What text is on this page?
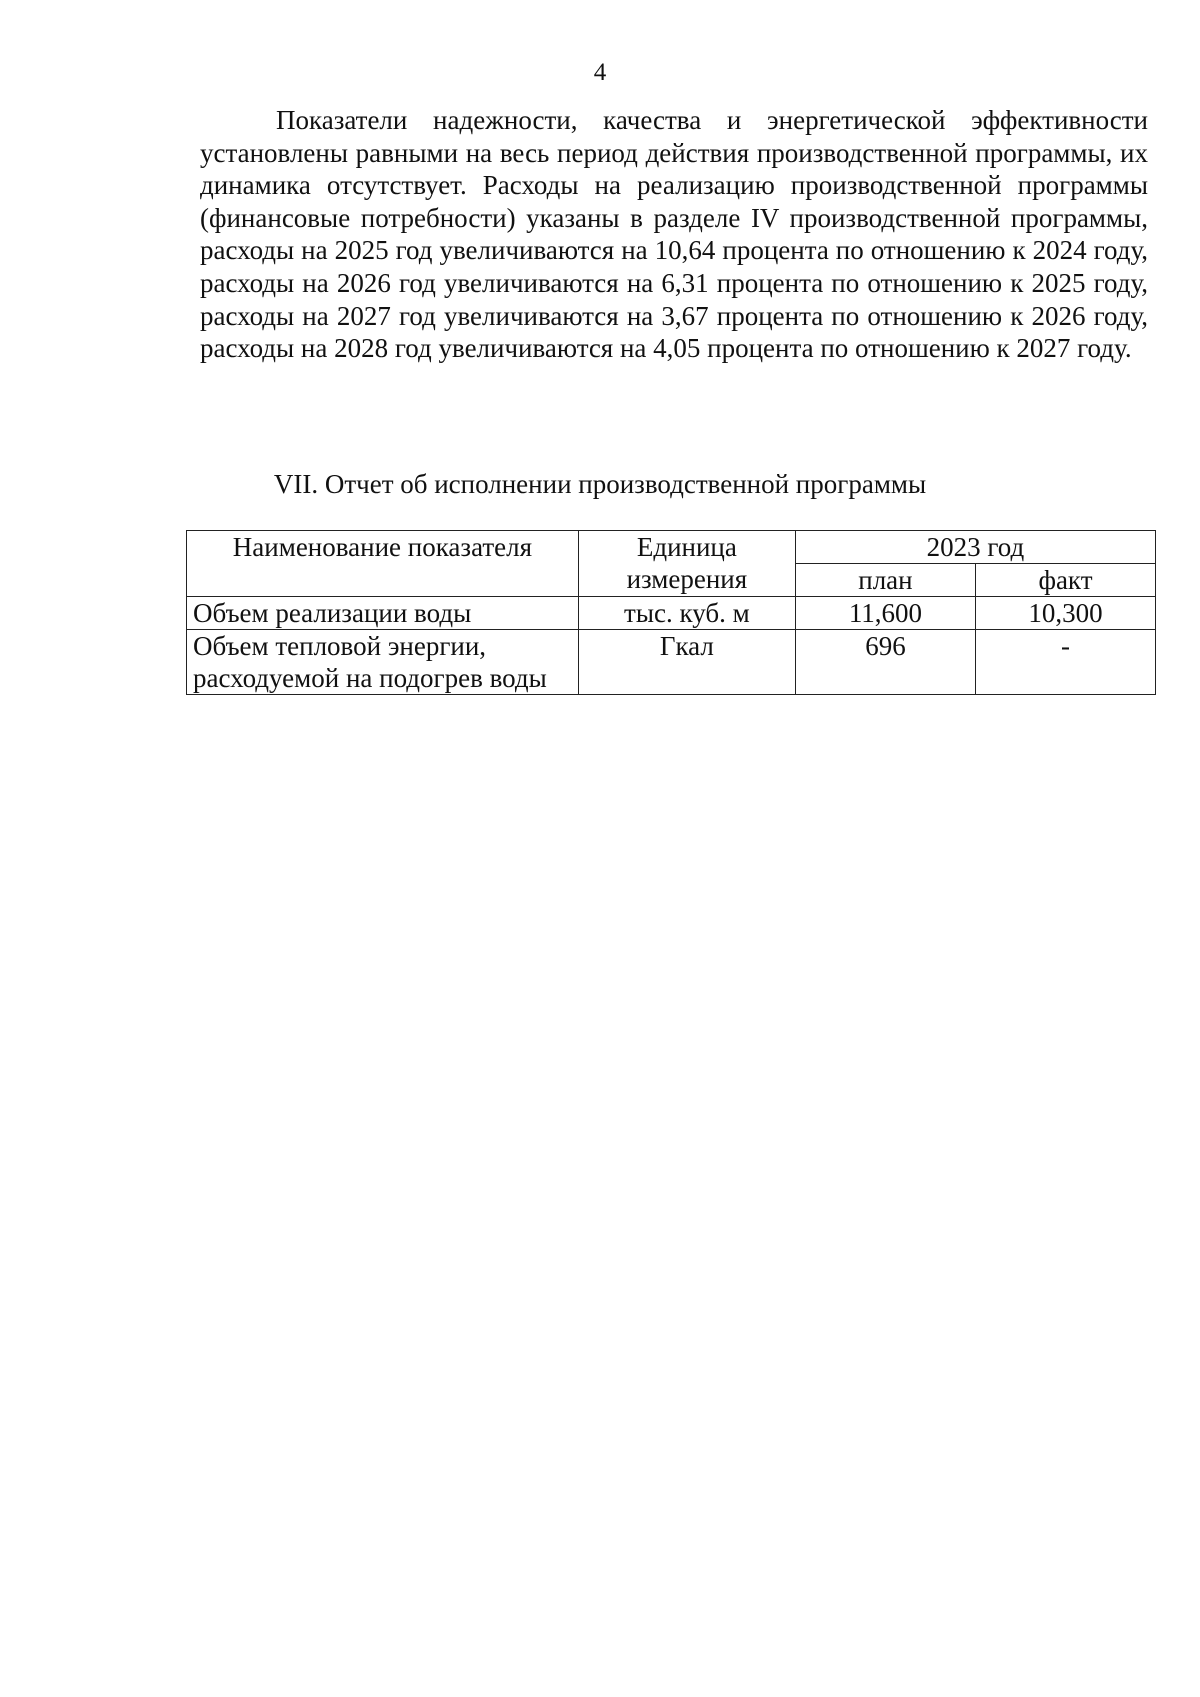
4

Показатели надежности, качества и энергетической эффективности установлены равными на весь период действия производственной программы, их динамика отсутствует. Расходы на реализацию производственной программы (финансовые потребности) указаны в разделе IV производственной программы, расходы на 2025 год увеличиваются на 10,64 процента по отношению к 2024 году, расходы на 2026 год увеличиваются на 6,31 процента по отношению к 2025 году, расходы на 2027 год увеличиваются на 3,67 процента по отношению к 2026 году, расходы на 2028 год увеличиваются на 4,05 процента по отношению к 2027 году.

VII. Отчет об исполнении производственной программы
Наименование показателя	Единица измерения	2023 год	
		план	факт
Объем реализации воды	тыс. куб. м	11,600	10,300
Объем тепловой энергии, расходуемой на подогрев воды	Гкал	696	-
